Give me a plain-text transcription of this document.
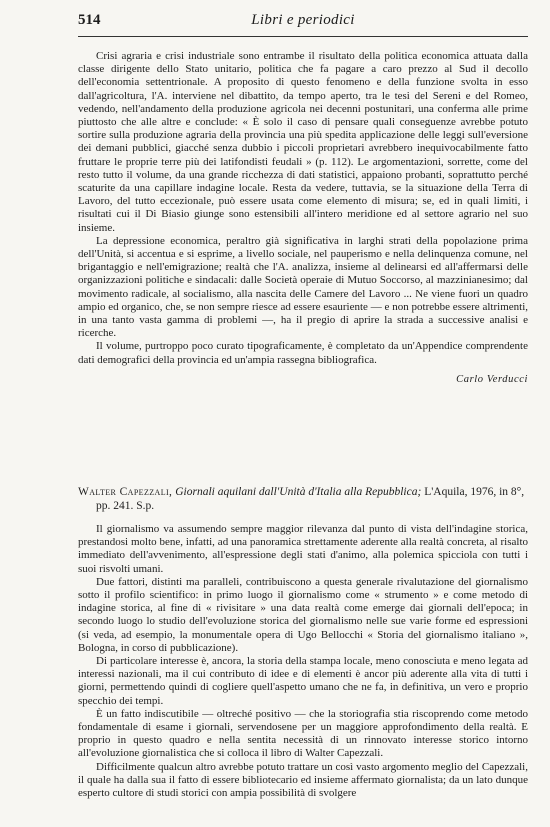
514	Libri e periodici

Crisi agraria e crisi industriale sono entrambe il risultato della politica economica attuata dalla classe dirigente dello Stato unitario, politica che fa pagare a caro prezzo al Sud il decollo dell'economia settentrionale. A proposito di questo fenomeno e della funzione svolta in esso dall'agricoltura, l'A. interviene nel dibattito, da tempo aperto, tra le tesi del Sereni e del Romeo, vedendo, nell'andamento della produzione agricola nei decenni postunitari, una conferma alle prime piuttosto che alle altre e conclude: « È solo il caso di pensare quali conseguenze avrebbe potuto sortire sulla produzione agraria della provincia una più spedita applicazione delle leggi sull'eversione dei demani pubblici, giacché senza dubbio i piccoli proprietari avrebbero inequivocabilmente fatto fruttare le proprie terre più dei latifondisti feudali » (p. 112). Le argomentazioni, sorrette, come del resto tutto il volume, da una grande ricchezza di dati statistici, appaiono probanti, soprattutto perché scaturite da una capillare indagine locale. Resta da vedere, tuttavia, se la situazione della Terra di Lavoro, del tutto eccezionale, può essere usata come elemento di misura; se, ed in quali limiti, i risultati cui il Di Biasio giunge sono estensibili all'intero meridione ed al settore agrario nel suo insieme.

La depressione economica, peraltro già significativa in larghi strati della popolazione prima dell'Unità, si accentua e si esprime, a livello sociale, nel pauperismo e nella delinquenza comune, nel brigantaggio e nell'emigrazione; realtà che l'A. analizza, insieme al delinearsi ed all'affermarsi delle organizzazioni politiche e sindacali: dalle Società operaie di Mutuo Soccorso, al mazzinianesimo; dal movimento radicale, al socialismo, alla nascita delle Camere del Lavoro ... Ne viene fuori un quadro ampio ed organico, che, se non sempre riesce ad essere esauriente — e non potrebbe essere altrimenti, in una tanto vasta gamma di problemi —, ha il pregio di aprire la strada a successive analisi e ricerche.

Il volume, purtroppo poco curato tipograficamente, è completato da un'Appendice comprendente dati demografici della provincia ed un'ampia rassegna bibliografica.

Carlo Verducci
Walter Capezzali, Giornali aquilani dall'Unità d'Italia alla Repubblica; L'Aquila, 1976, in 8°, pp. 241. S.p.

Il giornalismo va assumendo sempre maggior rilevanza dal punto di vista dell'indagine storica, prestandosi molto bene, infatti, ad una panoramica strettamente aderente alla realtà concreta, al risalto immediato dell'avvenimento, all'espressione degli stati d'animo, alla polemica spicciola con tutti i suoi risvolti umani.

Due fattori, distinti ma paralleli, contribuiscono a questa generale rivalutazione del giornalismo sotto il profilo scientifico: in primo luogo il giornalismo come « strumento » e come metodo di indagine storica, al fine di « rivisitare » una data realtà come emerge dai giornali dell'epoca; in secondo luogo lo studio dell'evoluzione storica del giornalismo nelle sue varie forme ed espressioni (si veda, ad esempio, la monumentale opera di Ugo Bellocchi « Storia del giornalismo italiano », Bologna, in corso di pubblicazione).

Di particolare interesse è, ancora, la storia della stampa locale, meno conosciuta e meno legata ad interessi nazionali, ma il cui contributo di idee e di elementi è ancor più aderente alla vita di tutti i giorni, permettendo quindi di cogliere quell'aspetto umano che ne fa, in definitiva, un vero e proprio specchio dei tempi.

È un fatto indiscutibile — oltreché positivo — che la storiografia stia riscoprendo come metodo fondamentale di esame i giornali, servendosene per un maggiore approfondimento della realtà. E proprio in questo quadro e nella sentita necessità di un rinnovato interesse storico intorno all'evoluzione giornalistica che si colloca il libro di Walter Capezzali.

Difficilmente qualcun altro avrebbe potuto trattare un così vasto argomento meglio del Capezzali, il quale ha dalla sua il fatto di essere bibliotecario ed insieme affermato giornalista; da un lato dunque esperto cultore di studi storici con ampia possibilità di svolgere
